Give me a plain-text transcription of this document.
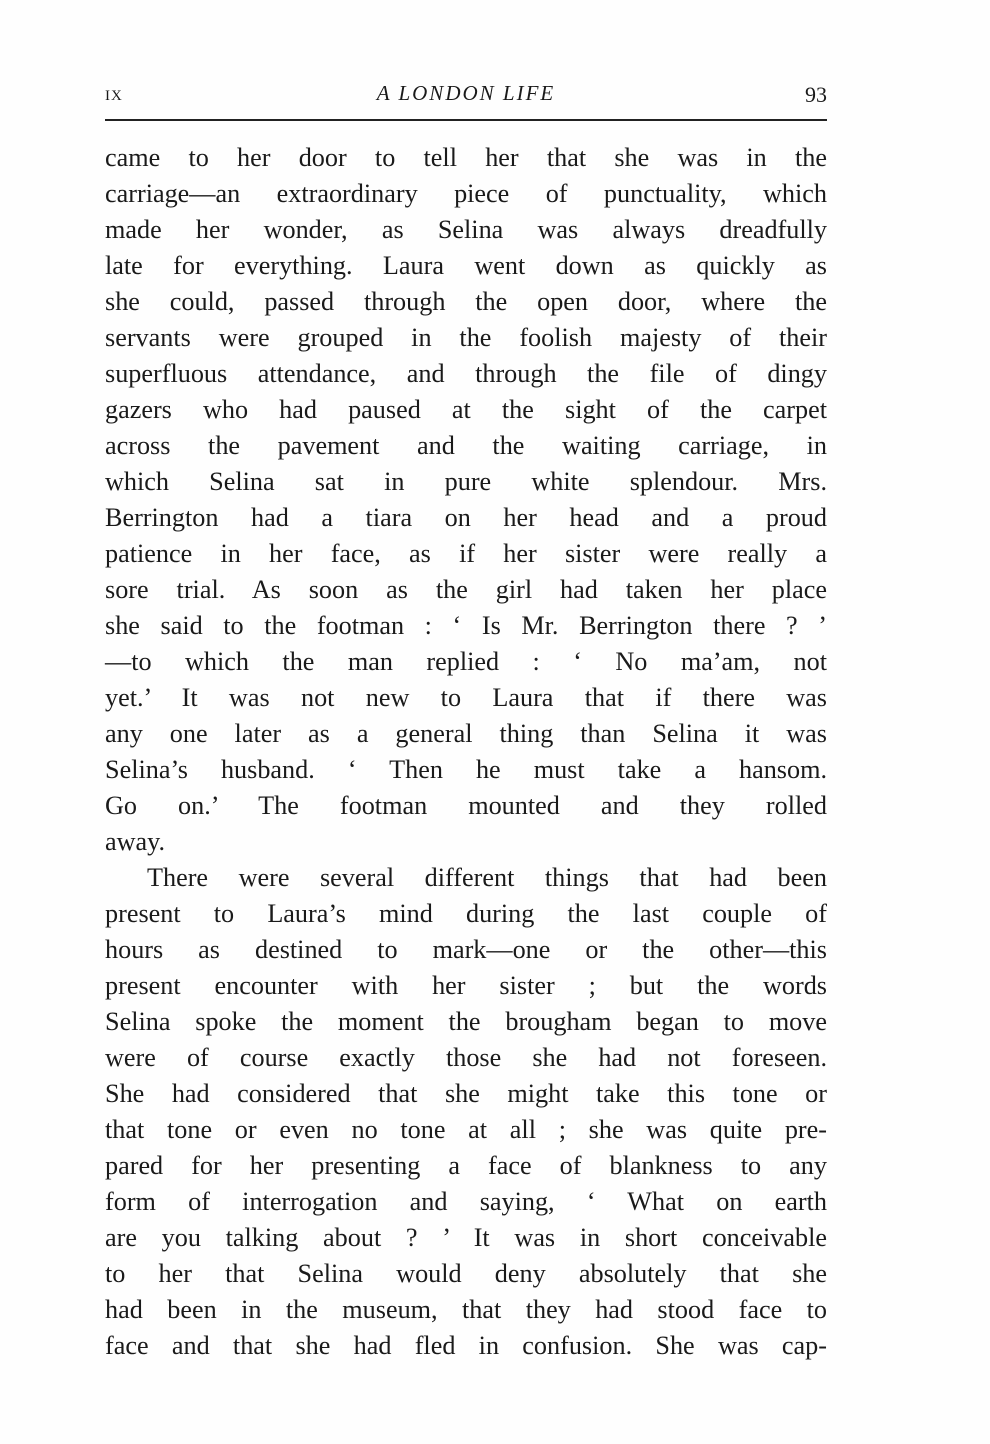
ix	A LONDON LIFE	93
came to her door to tell her that she was in the
carriage—an extraordinary piece of punctuality, which
made her wonder, as Selina was always dreadfully
late for everything. Laura went down as quickly as
she could, passed through the open door, where the
servants were grouped in the foolish majesty of their
superfluous attendance, and through the file of dingy
gazers who had paused at the sight of the carpet
across the pavement and the waiting carriage, in
which Selina sat in pure white splendour. Mrs.
Berrington had a tiara on her head and a proud
patience in her face, as if her sister were really a
sore trial. As soon as the girl had taken her place
she said to the footman : ‘ Is Mr. Berrington there ? ’
—to which the man replied : ‘ No ma’am, not
yet.’ It was not new to Laura that if there was
any one later as a general thing than Selina it was
Selina’s husband. ‘ Then he must take a hansom.
Go on.’ The footman mounted and they rolled
away.
There were several different things that had been
present to Laura’s mind during the last couple of
hours as destined to mark—one or the other—this
present encounter with her sister ; but the words
Selina spoke the moment the brougham began to move
were of course exactly those she had not foreseen.
She had considered that she might take this tone or
that tone or even no tone at all ; she was quite pre-
pared for her presenting a face of blankness to any
form of interrogation and saying, ‘ What on earth
are you talking about ? ’ It was in short conceivable
to her that Selina would deny absolutely that she
had been in the museum, that they had stood face to
face and that she had fled in confusion. She was cap-
